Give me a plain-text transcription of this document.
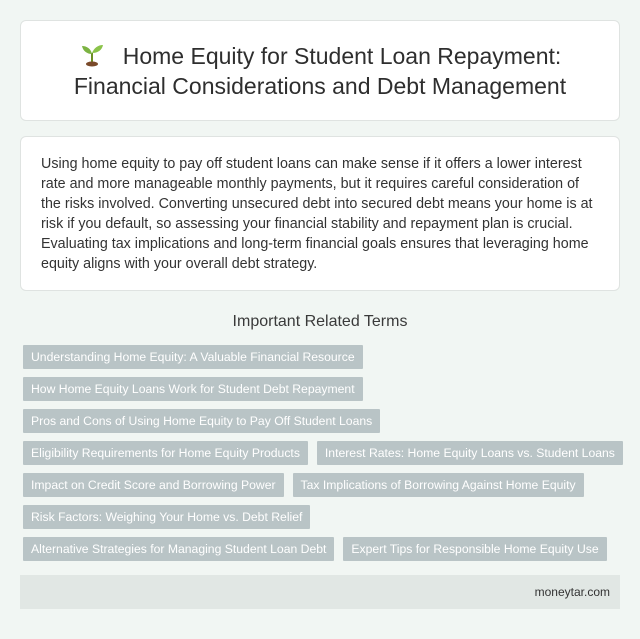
Home Equity for Student Loan Repayment: Financial Considerations and Debt Management

Using home equity to pay off student loans can make sense if it offers a lower interest rate and more manageable monthly payments, but it requires careful consideration of the risks involved. Converting unsecured debt into secured debt means your home is at risk if you default, so assessing your financial stability and repayment plan is crucial. Evaluating tax implications and long-term financial goals ensures that leveraging home equity aligns with your overall debt strategy.

Important Related Terms
Understanding Home Equity: A Valuable Financial Resource
How Home Equity Loans Work for Student Debt Repayment
Pros and Cons of Using Home Equity to Pay Off Student Loans
Eligibility Requirements for Home Equity Products	Interest Rates: Home Equity Loans vs. Student Loans
Impact on Credit Score and Borrowing Power	Tax Implications of Borrowing Against Home Equity
Risk Factors: Weighing Your Home vs. Debt Relief
Alternative Strategies for Managing Student Loan Debt	Expert Tips for Responsible Home Equity Use
moneytar.com
